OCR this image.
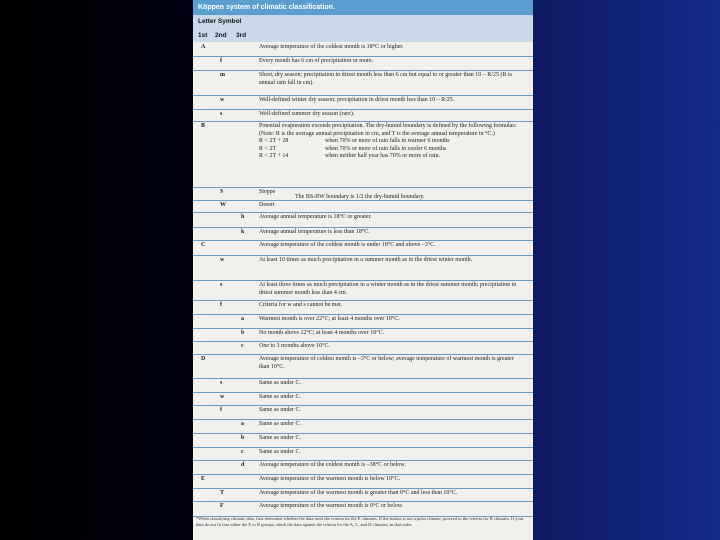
Köppen system of climatic classification.
Letter Symbol
1st 2nd 3rd
A	Average temperature of the coldest month is 18°C or higher.
f	Every month has 6 cm of precipitation or more.
m	Short, dry season; precipitation in driest month less than 6 cm but equal to or greater than 10 – R/25 (R is annual rain fall in cm).
w	Well-defined winter dry season; precipitation in driest month less than 10 – R/25.
s	Well-defined summer dry season (rare).
B	Potential evaporation exceeds precipitation. The dry-humid boundary is defined by the following formulas:
(Note: R is the average annual precipitation in cm, and T is the average annual temperature in °C.)
R < 2T + 28	when 70% or more of rain falls in warmer 6 months
R < 2T	when 70% or more of rain falls in cooler 6 months
R < 2T + 14	when neither half year has 70% or more of rain.
S	Steppe
W	Desert
The BS-BW boundary is 1/2 the dry-humid boundary.
h Average annual temperature is 18°C or greater.
k Average annual temperature is less than 18°C.
C	Average temperature of the coldest month is under 18°C and above –3°C.
w	At least 10 times as much precipitation in a summer month as in the driest winter month.
s	At least three times as much precipitation in a winter month as in the driest summer month; precipitation in driest summer month less than 4 cm.
f	Criteria for w and s cannot be met.
a	Warmest month is over 22°C; at least 4 months over 10°C.
b No month above 22°C; at least 4 months over 10°C.
c	One to 3 months above 10°C.
D	Average temperature of coldest month is –3°C or below; average temperature of warmest month is greater than 10°C.
s	Same as under C.
w	Same as under C.
f	Same as under C.
a	Same as under C.
b Same as under C.
c	Same as under C.
d Average temperature of the coldest month is –38°C or below.
E	Average temperature of the warmest month is below 10°C.
T	Average temperature of the warmest month is greater than 0°C and less than 10°C.
F	Average temperature of the warmest month is 0°C or below.
*When classifying climatic data, first determine whether the data meet the criteria for the E climates. If the station is not a polar climate, proceed to the criteria for B climates. If your data do not fit into either the E or B groups, check the data against the criteria for the A, C, and D climates, in that order.
